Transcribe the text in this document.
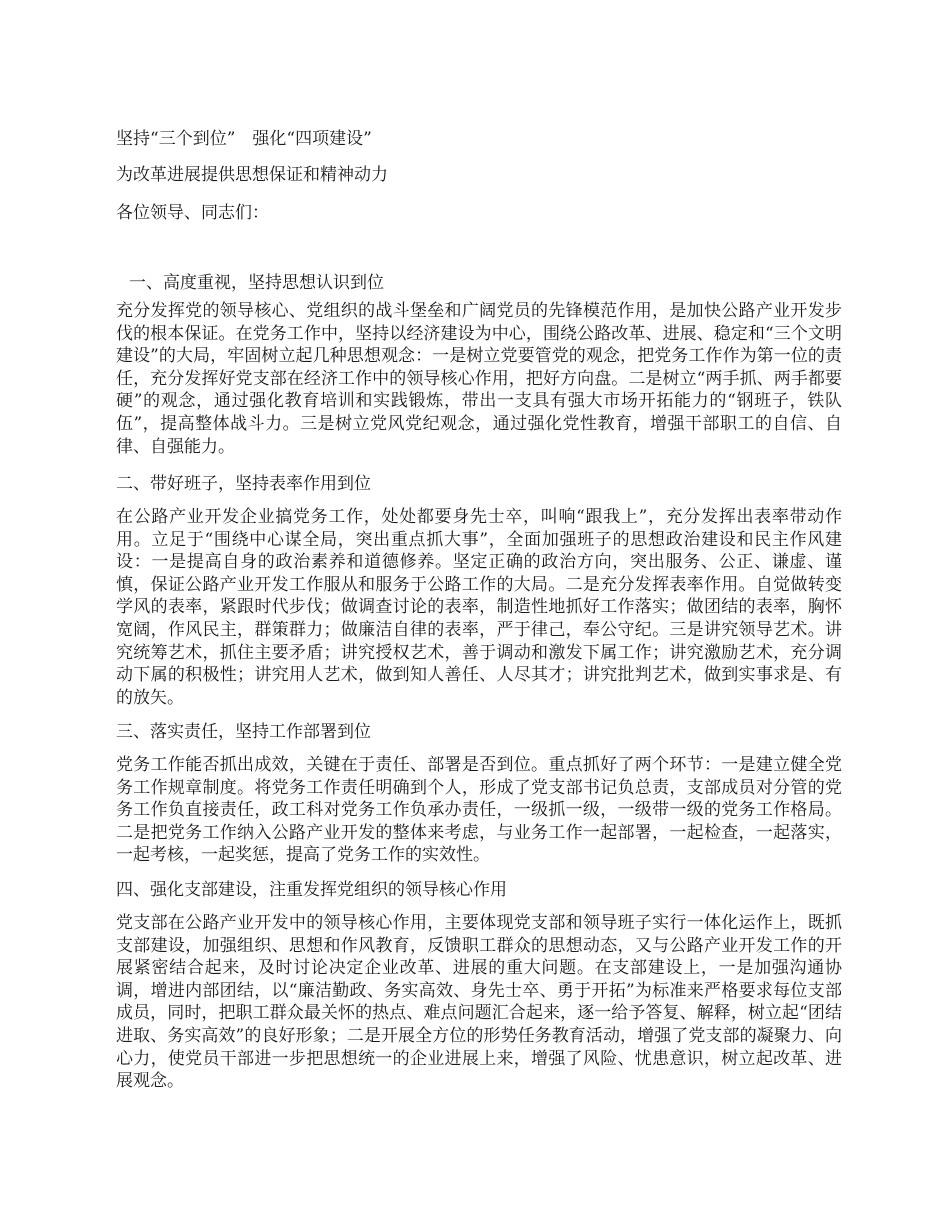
坚持“三个到位”　强化“四项建设”

为改革进展提供思想保证和精神动力

各位领导、同志们：

一、高度重视，坚持思想认识到位

充分发挥党的领导核心、党组织的战斗堡垒和广阔党员的先锋模范作用，是加快公路产业开发步伐的根本保证。在党务工作中，坚持以经济建设为中心，围绕公路改革、进展、稳定和“三个文明建设”的大局，牢固树立起几种思想观念：一是树立党要管党的观念，把党务工作作为第一位的责任，充分发挥好党支部在经济工作中的领导核心作用，把好方向盘。二是树立“两手抓、两手都要硬”的观念，通过强化教育培训和实践锻炼，带出一支具有强大市场开拓能力的“钢班子，铁队伍”，提高整体战斗力。三是树立党风党纪观念，通过强化党性教育，增强干部职工的自信、自律、自强能力。

二、带好班子，坚持表率作用到位

在公路产业开发企业搞党务工作，处处都要身先士卒，叫响“跟我上”，充分发挥出表率带动作用。立足于“围绕中心谋全局，突出重点抓大事”，全面加强班子的思想政治建设和民主作风建设：一是提高自身的政治素养和道德修养。坚定正确的政治方向，突出服务、公正、谦虚、谨慎，保证公路产业开发工作服从和服务于公路工作的大局。二是充分发挥表率作用。自觉做转变学风的表率，紧跟时代步伐；做调查讨论的表率，制造性地抓好工作落实；做团结的表率，胸怀宽阔，作风民主，群策群力；做廉洁自律的表率，严于律己，奉公守纪。三是讲究领导艺术。讲究统筹艺术，抓住主要矛盾；讲究授权艺术，善于调动和激发下属工作；讲究激励艺术，充分调动下属的积极性；讲究用人艺术，做到知人善任、人尽其才；讲究批判艺术，做到实事求是、有的放矢。

三、落实责任，坚持工作部署到位

党务工作能否抓出成效，关键在于责任、部署是否到位。重点抓好了两个环节：一是建立健全党务工作规章制度。将党务工作责任明确到个人，形成了党支部书记负总责，支部成员对分管的党务工作负直接责任，政工科对党务工作负承办责任，一级抓一级，一级带一级的党务工作格局。二是把党务工作纳入公路产业开发的整体来考虑，与业务工作一起部署，一起检查，一起落实，一起考核，一起奖惩，提高了党务工作的实效性。

四、强化支部建设，注重发挥党组织的领导核心作用

党支部在公路产业开发中的领导核心作用，主要体现党支部和领导班子实行一体化运作上，既抓支部建设，加强组织、思想和作风教育，反馈职工群众的思想动态，又与公路产业开发工作的开展紧密结合起来，及时讨论决定企业改革、进展的重大问题。在支部建设上，一是加强沟通协调，增进内部团结，以“廉洁勤政、务实高效、身先士卒、勇于开拓”为标准来严格要求每位支部成员，同时，把职工群众最关怀的热点、难点问题汇合起来，逐一给予答复、解释，树立起“团结进取、务实高效”的良好形象；二是开展全方位的形势任务教育活动，增强了党支部的凝聚力、向心力，使党员干部进一步把思想统一的企业进展上来，增强了风险、忧患意识，树立起改革、进展观念。
